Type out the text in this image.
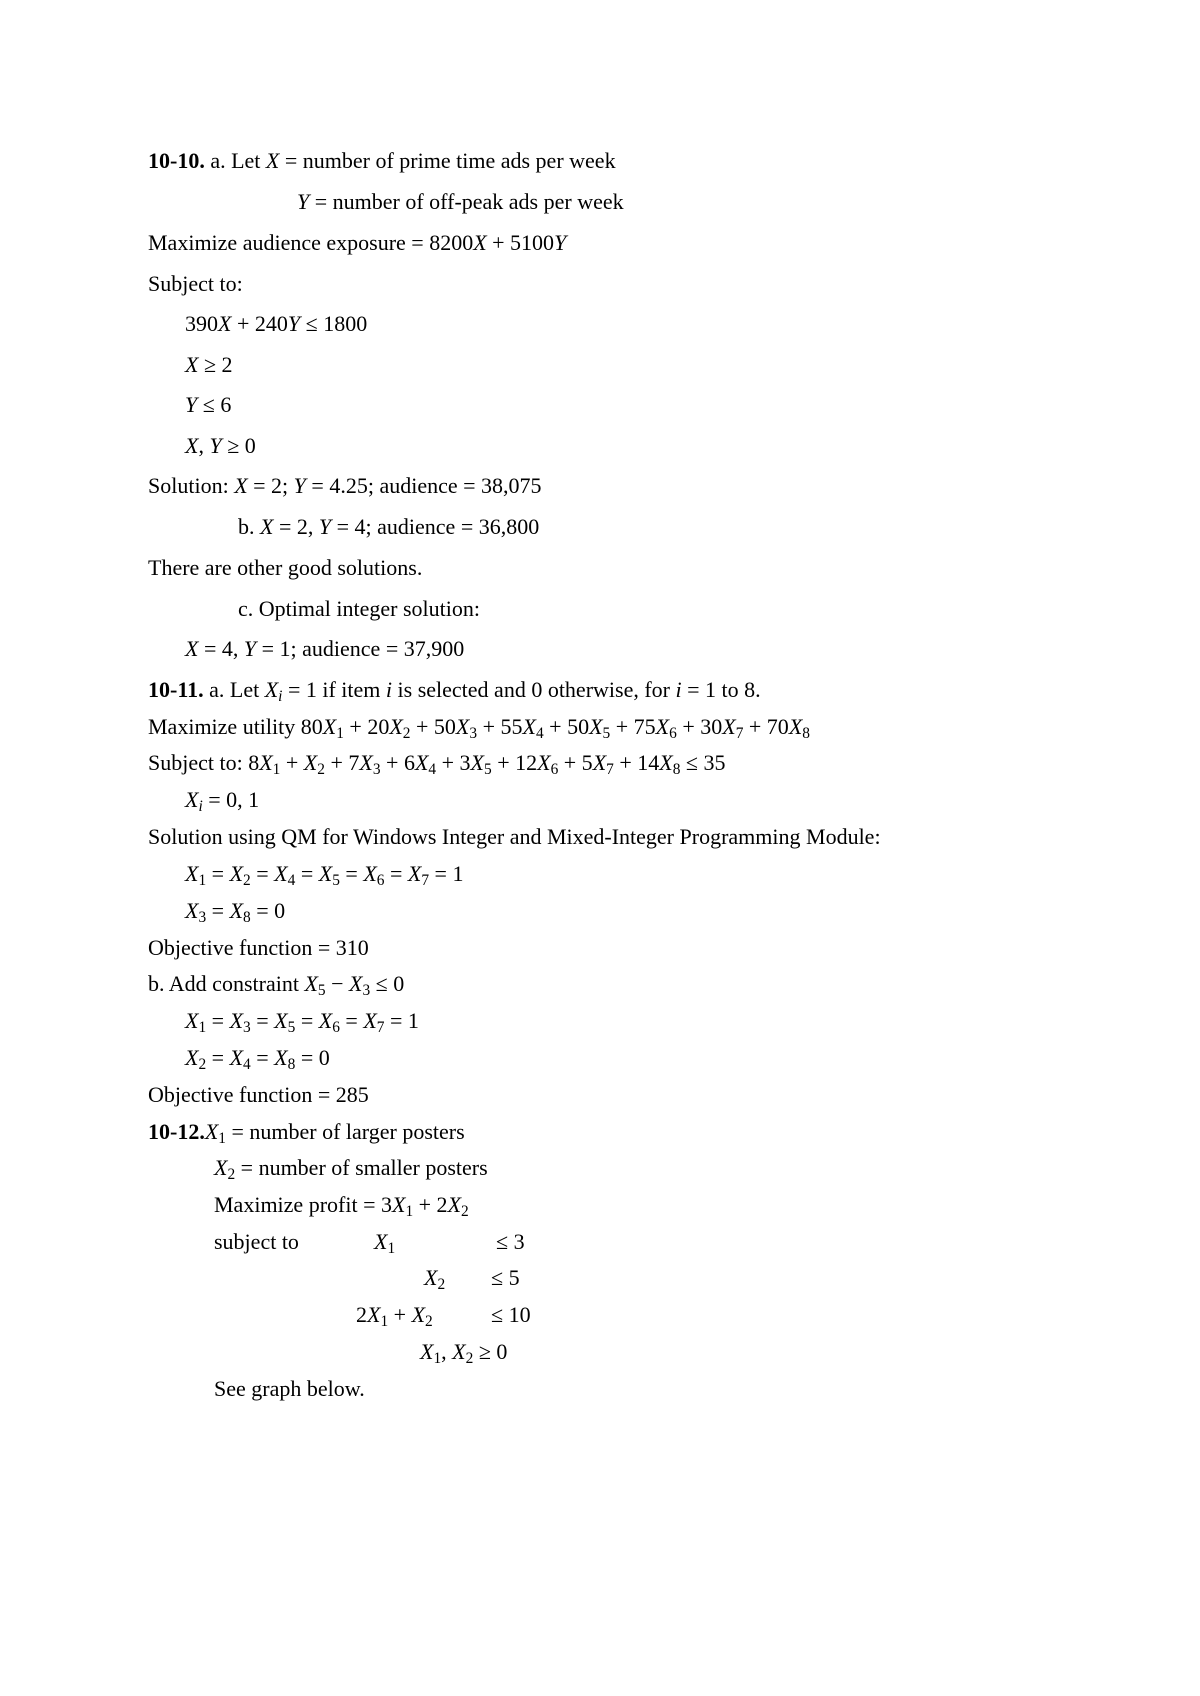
10-10. a. Let X = number of prime time ads per week
Y = number of off-peak ads per week
Maximize audience exposure = 8200X + 5100Y
Subject to:
390X + 240Y ≤ 1800
X ≥ 2
Y ≤ 6
X, Y ≥ 0
Solution: X = 2; Y = 4.25; audience = 38,075
b. X = 2, Y = 4; audience = 36,800
There are other good solutions.
c. Optimal integer solution:
X = 4, Y = 1; audience = 37,900
10-11. a. Let $X_i = 1$ if item i is selected and 0 otherwise, for i = 1 to 8.
Maximize utility $80X_1 + 20X_2 + 50X_3 + 55X_4 + 50X_5 + 75X_6 + 30X_7 + 70X_8$
Subject to: $8X_1 + X_2 + 7X_3 + 6X_4 + 3X_5 + 12X_6 + 5X_7 + 14X_8 \le 35$
$X_i = 0$, 1
Solution using QM for Windows Integer and Mixed-Integer Programming Module:
$X_1 = X_2 = X_4 = X_5 = X_6 = X_7 = 1$
$X_3 = X_8 = 0$
Objective function = 310
b. Add constraint $X_5 - X_3 \le 0$
$X_1 = X_3 = X_5 = X_6 = X_7 = 1$
$X_2 = X_4 = X_8 = 0$
Objective function = 285
$10-12.X_1$ = number of larger posters
$X_2$ = number of smaller posters
Maximize profit = $3X_1 + 2X_2$
subject to	$X_1$	≤ 3
$X_2 \le 5$
$2X_1 + X_2$	≤ 10
$X_1$, $X_2 \ge 0$
See graph below.
